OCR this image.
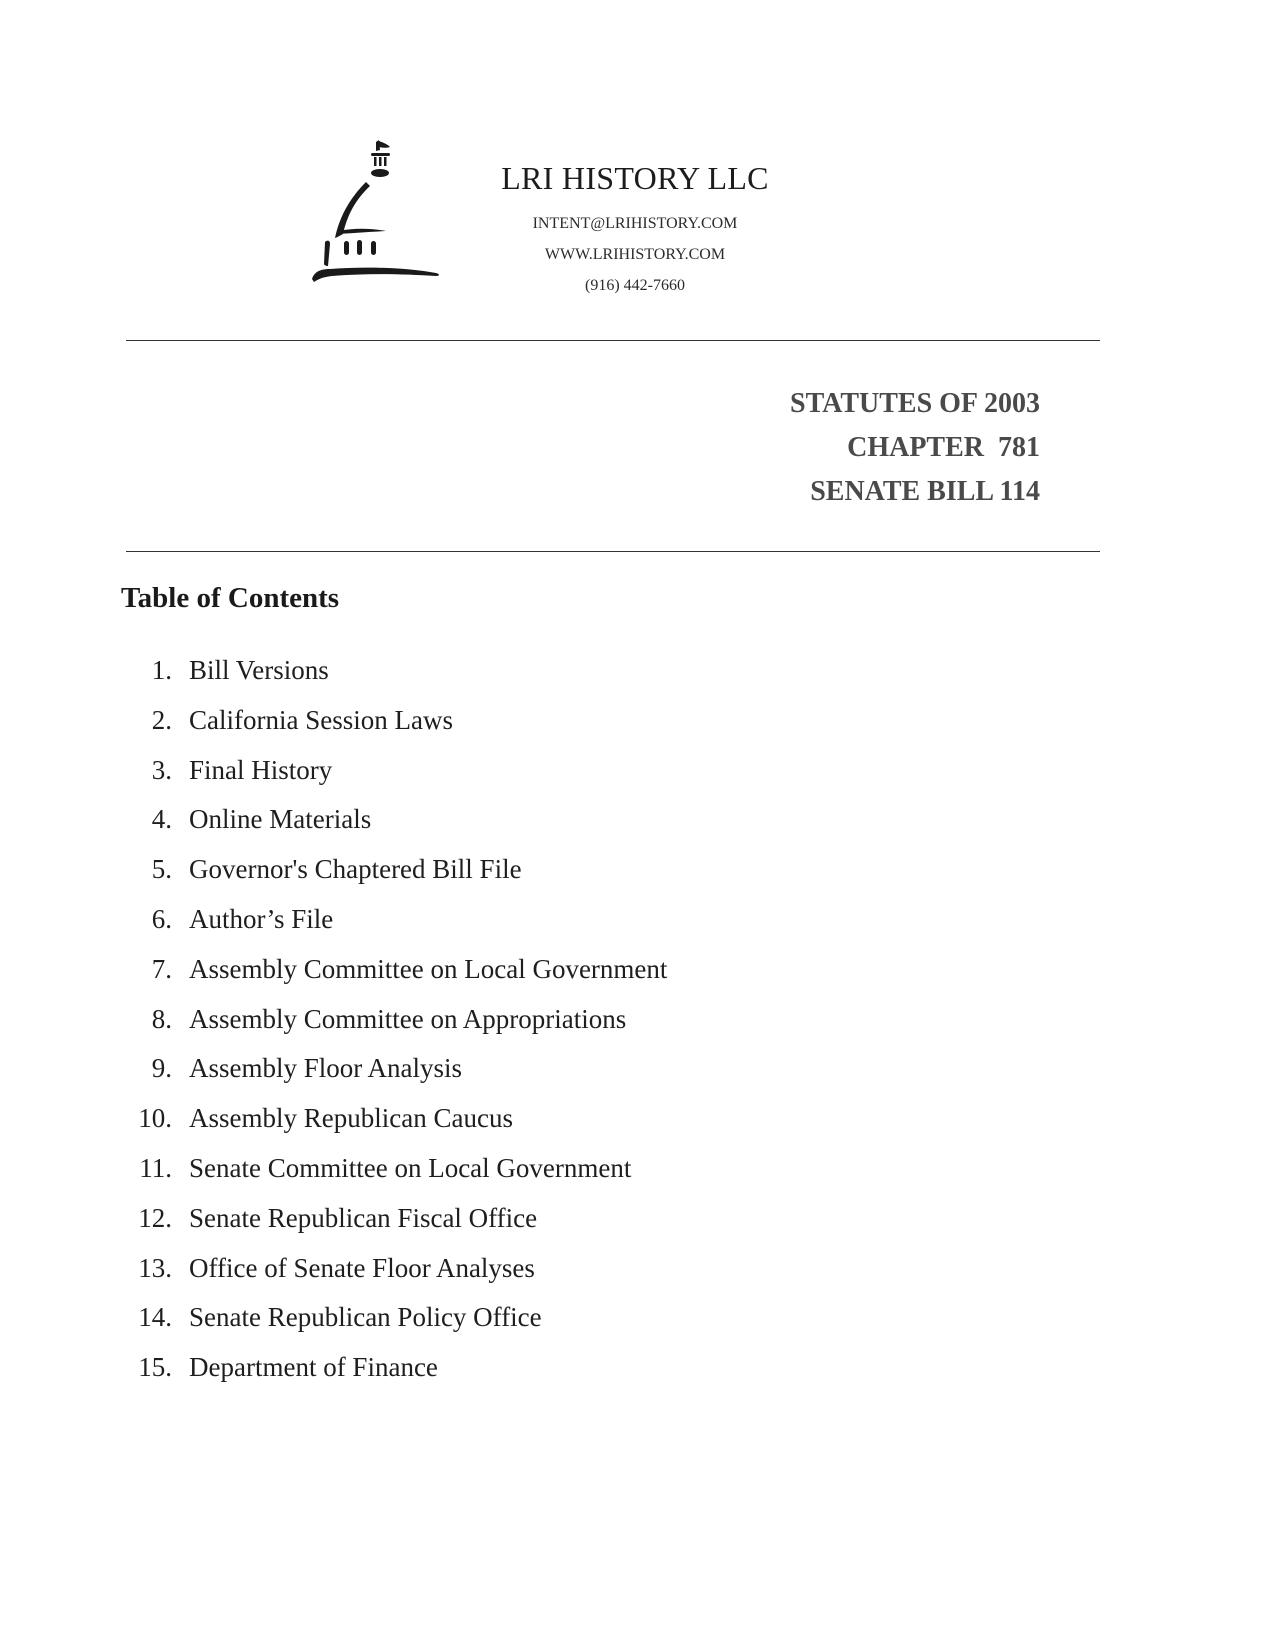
LRI HISTORY LLC
INTENT@LRIHISTORY.COM
WWW.LRIHISTORY.COM
(916) 442-7660
STATUTES OF 2003
CHAPTER  781
SENATE BILL 114
Table of Contents
1. Bill Versions
2. California Session Laws
3. Final History
4. Online Materials
5. Governor's Chaptered Bill File
6. Author’s File
7. Assembly Committee on Local Government
8. Assembly Committee on Appropriations
9. Assembly Floor Analysis
10. Assembly Republican Caucus
11. Senate Committee on Local Government
12. Senate Republican Fiscal Office
13. Office of Senate Floor Analyses
14. Senate Republican Policy Office
15. Department of Finance
